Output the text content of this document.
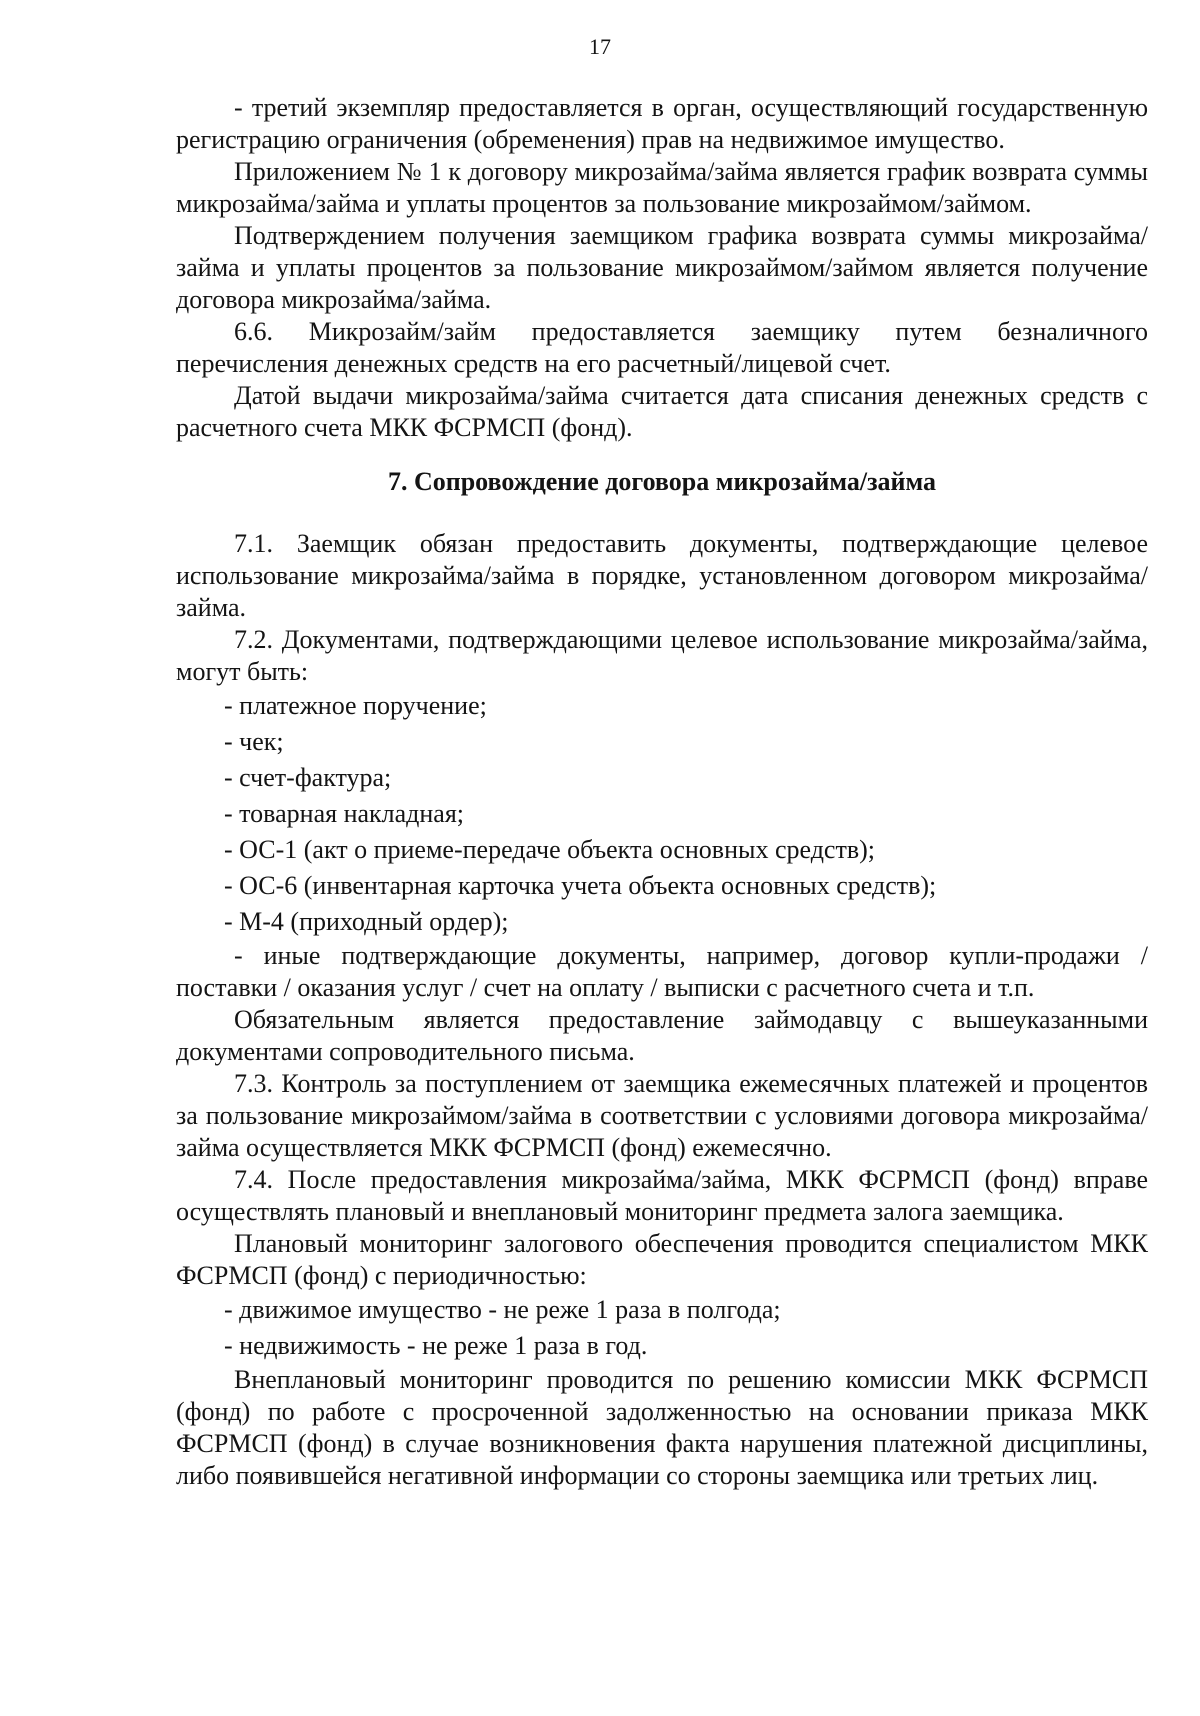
17

- третий экземпляр предоставляется в орган, осуществляющий государственную регистрацию ограничения (обременения) прав на недвижимое имущество.

Приложением № 1 к договору микрозайма/займа является график возврата суммы микрозайма/займа и уплаты процентов за пользование микрозаймом/займом.

Подтверждением получения заемщиком графика возврата суммы микрозайма/займа и уплаты процентов за пользование микрозаймом/займом является получение договора микрозайма/займа.

6.6. Микрозайм/займ предоставляется заемщику путем безналичного перечисления денежных средств на его расчетный/лицевой счет.

Датой выдачи микрозайма/займа считается дата списания денежных средств с расчетного счета МКК ФСРМСП (фонд).

7. Сопровождение договора микрозайма/займа

7.1. Заемщик обязан предоставить документы, подтверждающие целевое использование микрозайма/займа в порядке, установленном договором микрозайма/займа.

7.2. Документами, подтверждающими целевое использование микрозайма/займа, могут быть:

- платежное поручение;

- чек;

- счет-фактура;

- товарная накладная;

- ОС-1 (акт о приеме-передаче объекта основных средств);

- ОС-6 (инвентарная карточка учета объекта основных средств);

- М-4 (приходный ордер);

- иные подтверждающие документы, например, договор купли-продажи / поставки / оказания услуг / счет на оплату / выписки с расчетного счета и т.п.

Обязательным является предоставление займодавцу с вышеуказанными документами сопроводительного письма.

7.3. Контроль за поступлением от заемщика ежемесячных платежей и процентов за пользование микрозаймом/займа в соответствии с условиями договора микрозайма/займа осуществляется МКК ФСРМСП (фонд) ежемесячно.

7.4. После предоставления микрозайма/займа, МКК ФСРМСП (фонд) вправе осуществлять плановый и внеплановый мониторинг предмета залога заемщика.

Плановый мониторинг залогового обеспечения проводится специалистом МКК ФСРМСП (фонд) с периодичностью:

- движимое имущество - не реже 1 раза в полгода;

- недвижимость - не реже 1 раза в год.

Внеплановый мониторинг проводится по решению комиссии МКК ФСРМСП (фонд) по работе с просроченной задолженностью на основании приказа МКК ФСРМСП (фонд) в случае возникновения факта нарушения платежной дисциплины, либо появившейся негативной информации со стороны заемщика или третьих лиц.
